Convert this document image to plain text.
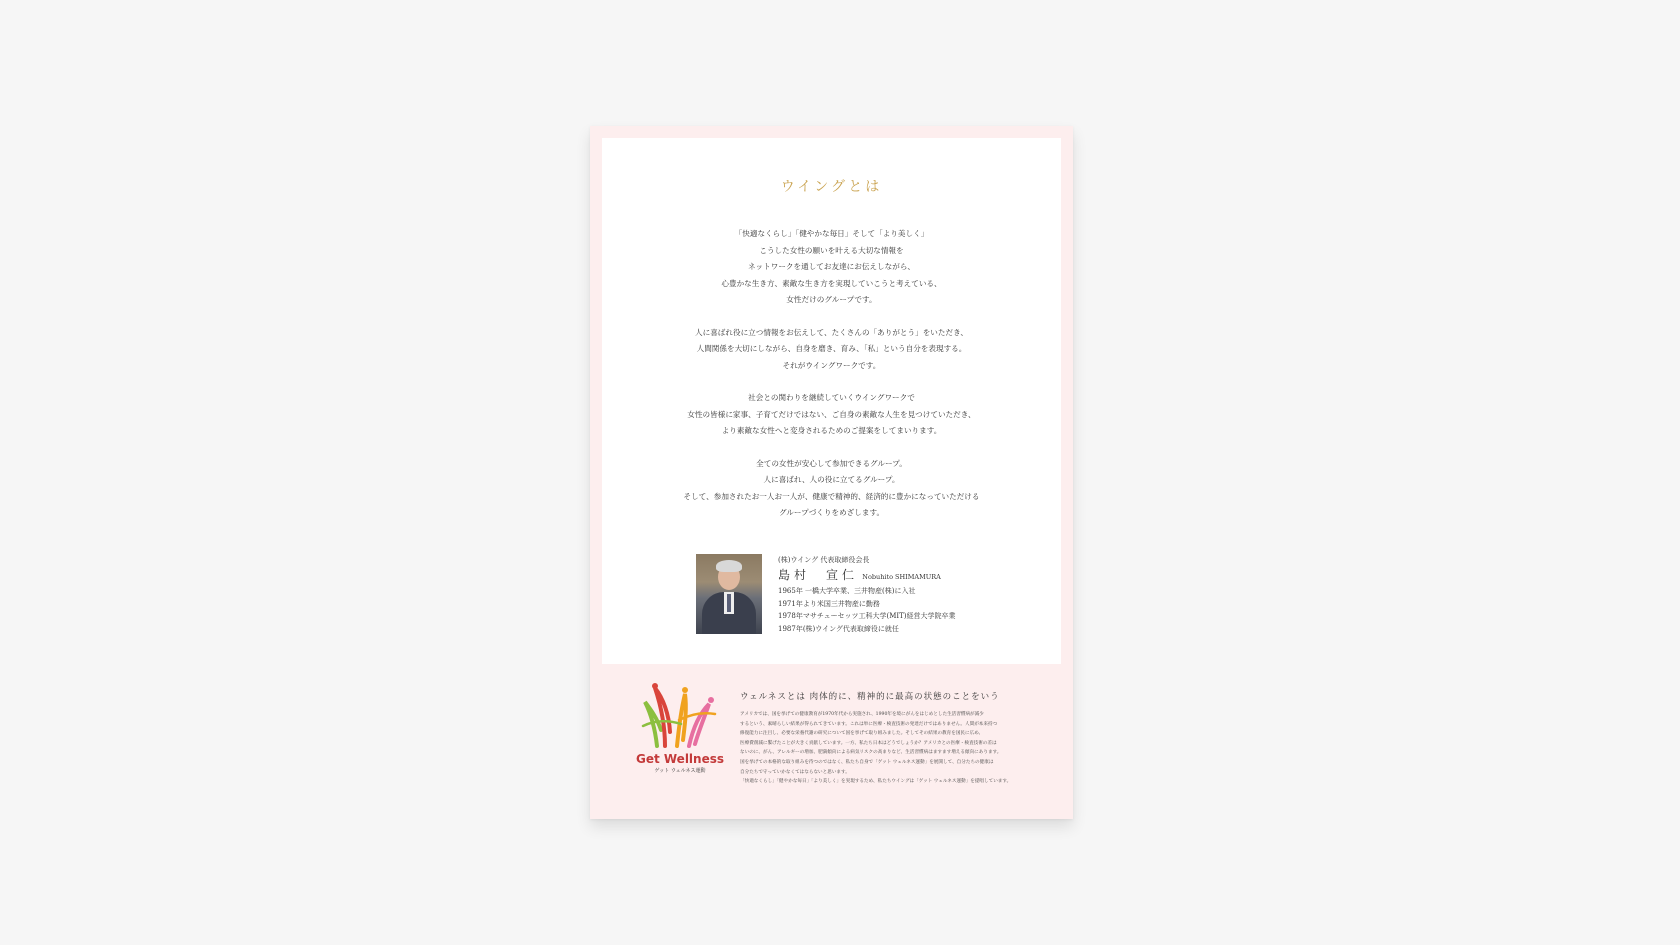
ウイングとは
「快適なくらし」「健やかな毎日」そして「より美しく」
こうした女性の願いを叶える大切な情報を
ネットワークを通してお友達にお伝えしながら、
心豊かな生き方、素敵な生き方を実現していこうと考えている、
女性だけのグループです。
人に喜ばれ役に立つ情報をお伝えして、たくさんの「ありがとう」をいただき、
人間関係を大切にしながら、自身を磨き、育み、「私」という自分を表現する。
それがウイングワークです。
社会との関わりを継続していくウイングワークで
女性の皆様に家事、子育てだけではない、ご自身の素敵な人生を見つけていただき、
より素敵な女性へと変身されるためのご提案をしてまいります。
全ての女性が安心して参加できるグループ。
人に喜ばれ、人の役に立てるグループ。
そして、参加されたお一人お一人が、健康で精神的、経済的に豊かになっていただける
グループづくりをめざします。
(株)ウイング 代表取締役会長
島村　宣仁 Nobuhito SHIMAMURA
1965年 一橋大学卒業、三井物産(株)に入社
1971年より米国三井物産に勤務
1978年マサチューセッツ工科大学(MIT)経営大学院卒業
1987年(株)ウイング代表取締役に就任
Get Wellness
ゲット ウェルネス運動
ウェルネスとは 肉体的に、精神的に最高の状態のことをいう
アメリカでは、国を挙げての健康教育が1970年代から実施され、1990年を境にがんをはじめとした生活習慣病が減少
するという、素晴らしい結果が得られてきています。これは単に医療・検査技術の発達だけではありません。人間が本来持つ
修復能力に注目し、必要な栄養代謝の研究について国を挙げて取り組みました。そしてその結果の教育を国民に広め、
医療費削減に繋げたことが大きく貢献しています。一方、私たち日本はどうでしょうか？アメリカとの医療・検査技術の差は
ないのに、がん、アレルギーの増加、肥満傾向による病気リスクの高まりなど、生活習慣病はますます増える傾向にあります。
国を挙げての本格的な取り組みを待つのではなく、私たち自身で「ゲット ウェルネス運動」を展開して、自分たちの健康は
自分たちで守っていかなくてはならないと思います。
「快適なくらし」「健やかな毎日」「より美しく」を実現するため、私たちウイングは「ゲット ウェルネス運動」を提唱しています。
